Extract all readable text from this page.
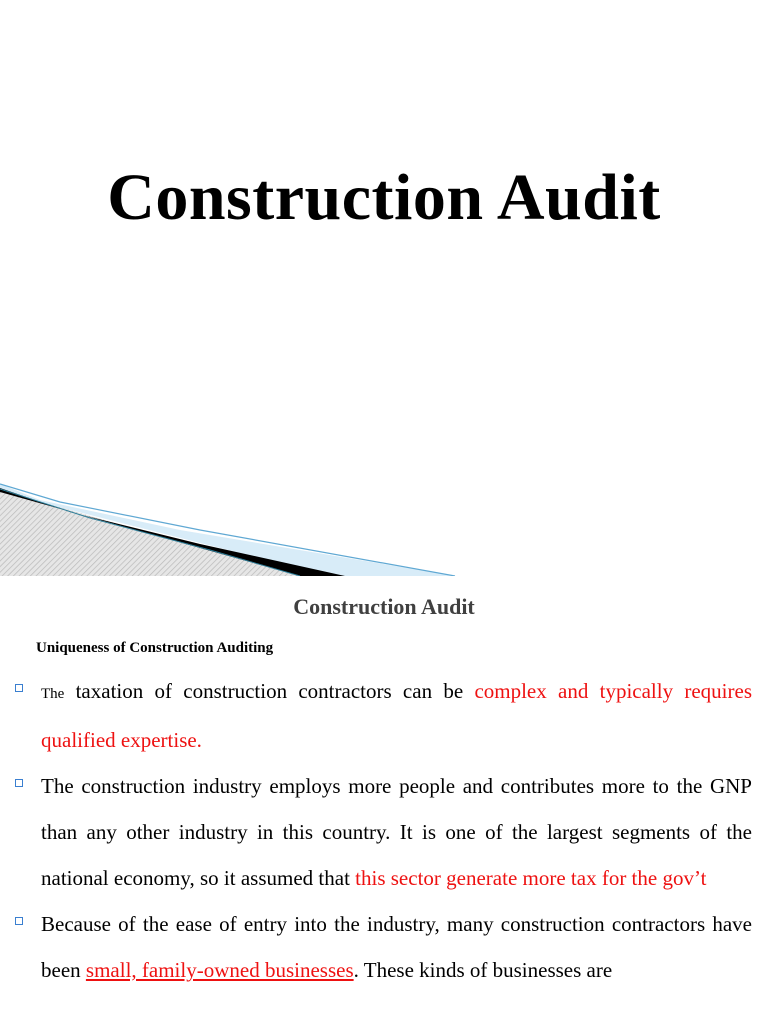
Construction Audit
Construction Audit
Uniqueness of Construction Auditing
The taxation of construction contractors can be complex and typically requires qualified expertise.
The construction industry employs more people and contributes more to the GNP than any other industry in this country. It is one of the largest segments of the national economy, so it assumed that this sector generate more tax for the gov’t
Because of the ease of entry into the industry, many construction contractors have been small, family-owned businesses. These kinds of businesses are
